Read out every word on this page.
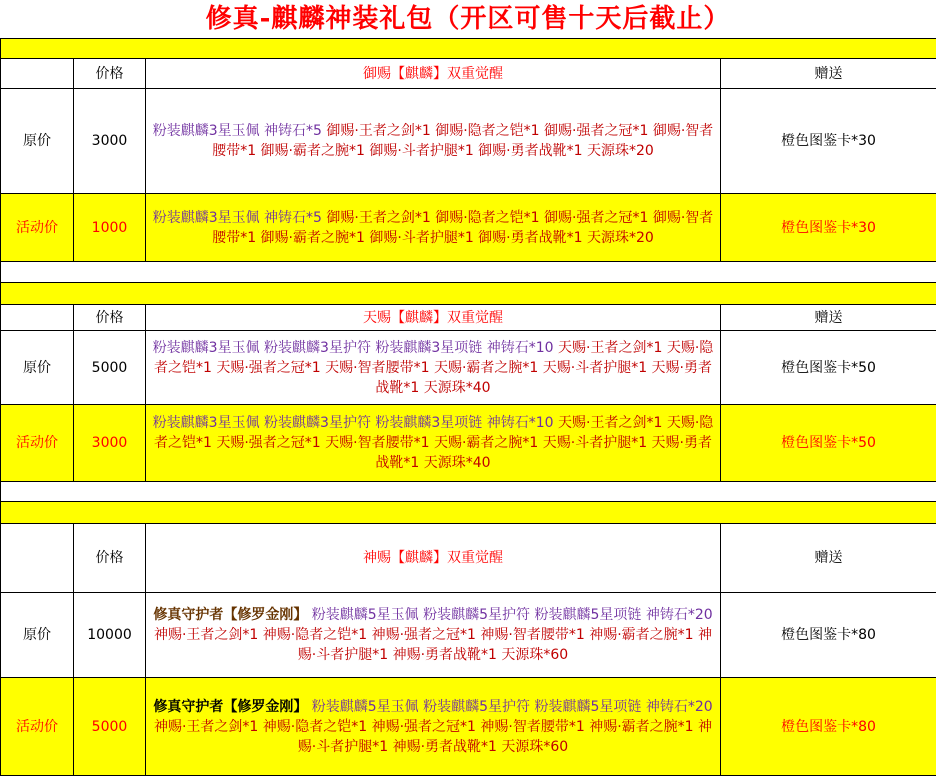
修真-麒麟神装礼包（开区可售十天后截止）

	价格	御赐【麒麟】双重觉醒	赠送
原价	3000	粉装麒麟3星玉佩 神铸石*5 御赐·王者之剑*1 御赐·隐者之铠*1 御赐·强者之冠*1 御赐·智者腰带*1 御赐·霸者之腕*1 御赐·斗者护腿*1 御赐·勇者战靴*1 天源珠*20	橙色图鉴卡*30
活动价	1000	粉装麒麟3星玉佩 神铸石*5 御赐·王者之剑*1 御赐·隐者之铠*1 御赐·强者之冠*1 御赐·智者腰带*1 御赐·霸者之腕*1 御赐·斗者护腿*1 御赐·勇者战靴*1 天源珠*20	橙色图鉴卡*30

	价格	天赐【麒麟】双重觉醒	赠送
原价	5000	粉装麒麟3星玉佩 粉装麒麟3星护符 粉装麒麟3星项链 神铸石*10 天赐·王者之剑*1 天赐·隐者之铠*1 天赐·强者之冠*1 天赐·智者腰带*1 天赐·霸者之腕*1 天赐·斗者护腿*1 天赐·勇者战靴*1 天源珠*40	橙色图鉴卡*50
活动价	3000	粉装麒麟3星玉佩 粉装麒麟3星护符 粉装麒麟3星项链 神铸石*10 天赐·王者之剑*1 天赐·隐者之铠*1 天赐·强者之冠*1 天赐·智者腰带*1 天赐·霸者之腕*1 天赐·斗者护腿*1 天赐·勇者战靴*1 天源珠*40	橙色图鉴卡*50

	价格	神赐【麒麟】双重觉醒	赠送
原价	10000	修真守护者【修罗金刚】 粉装麒麟5星玉佩 粉装麒麟5星护符 粉装麒麟5星项链 神铸石*20 神赐·王者之剑*1 神赐·隐者之铠*1 神赐·强者之冠*1 神赐·智者腰带*1 神赐·霸者之腕*1 神赐·斗者护腿*1 神赐·勇者战靴*1 天源珠*60	橙色图鉴卡*80
活动价	5000	修真守护者【修罗金刚】 粉装麒麟5星玉佩 粉装麒麟5星护符 粉装麒麟5星项链 神铸石*20 神赐·王者之剑*1 神赐·隐者之铠*1 神赐·强者之冠*1 神赐·智者腰带*1 神赐·霸者之腕*1 神赐·斗者护腿*1 神赐·勇者战靴*1 天源珠*60	橙色图鉴卡*80
